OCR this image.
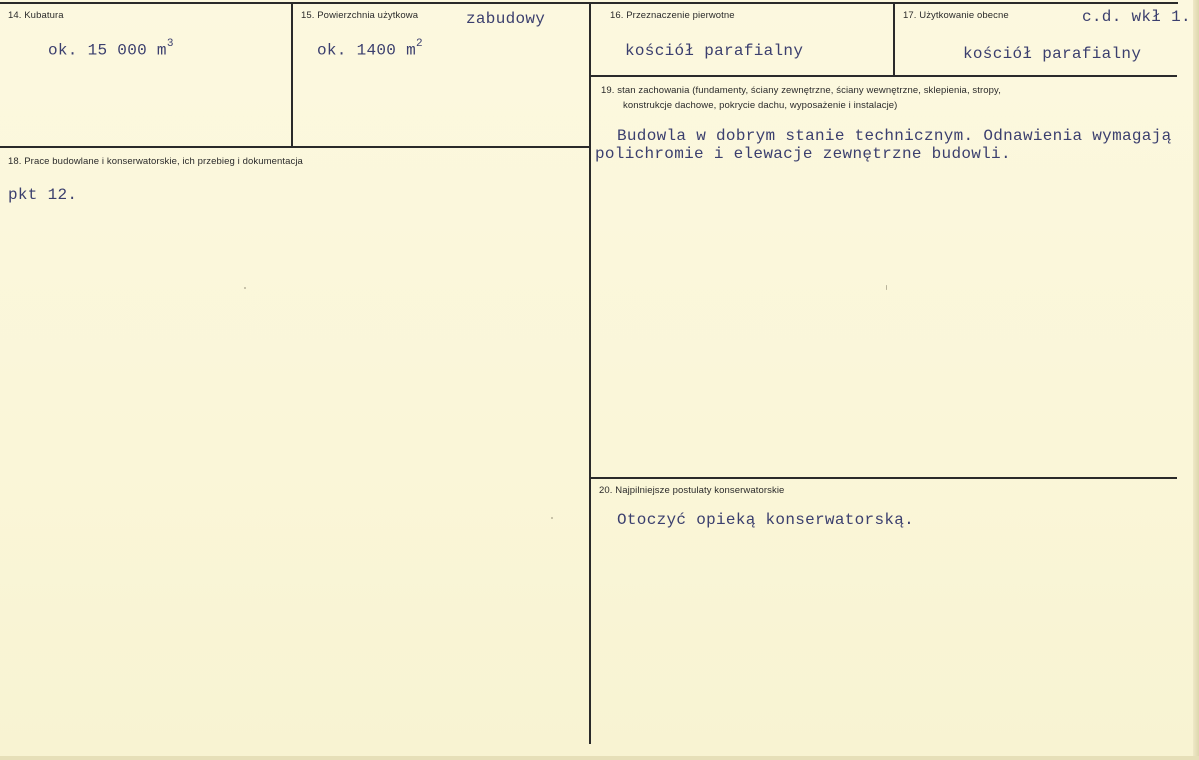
14. Kubatura
ok. 15 000 $m^3$
15. Powierzchnia użytkowa	zabudowy
ok. 1400 $m^2$
16. Przeznaczenie pierwotne
kościół parafialny
17. Użytkowanie obecne	c.d. wkł 1.
kościół parafialny
18. Prace budowlane i konserwatorskie, ich przebieg i dokumentacja
pkt 12.
19. stan zachowania (fundamenty, ściany zewnętrzne, ściany wewnętrzne, sklepienia, stropy,
konstrukcje dachowe, pokrycie dachu, wyposażenie i instalacje)
Budowla w dobrym stanie technicznym. Odnawienia wymagają
polichromie i elewacje zewnętrzne budowli.
20. Najpilniejsze postulaty konserwatorskie
Otoczyć opieką konserwatorską.
